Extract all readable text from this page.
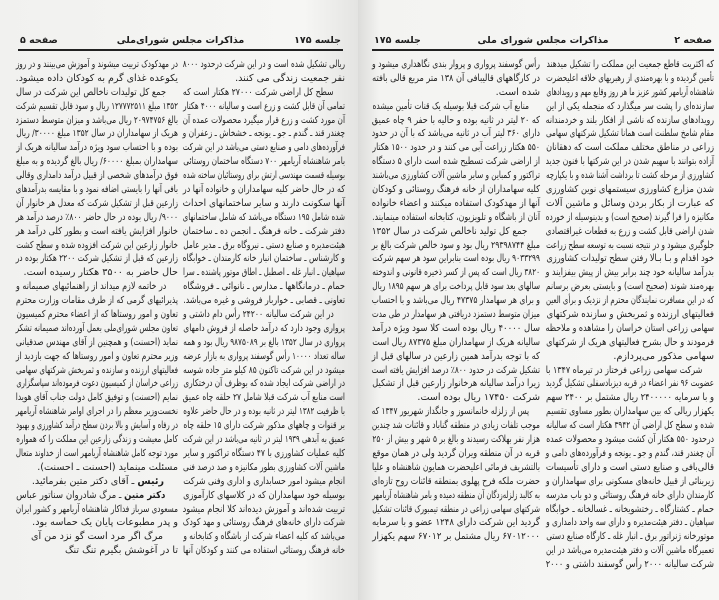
جلسه ۱۷۵
مذاکرات مجلس شورای‌ملی
صفحه ۵
ریالی تشکیل شده است و در این شرکت درحدود ۸۰۰۰
نفر جمعیت زندگی می کنند.
سطح کل اراضی شرکت ۲۷۰۰۰ هکتار است که
تمامی آن قابل کشت و زرع است و سالیانه ۴۰۰۰ هکتار
آن مورد کشت و زرع قرار میگیرد محصولات عمده آن
چغندر قند ـ گندم ـ جو ـ یونجه ـ خشخاش ـ زعفران و
فرآورده‌های دامی و صنایع دستی می‌باشد در این شرکت
بامر شاهنشاه آریامهر ۷۰۰ دستگاه ساختمان روستائی
بوسیله قسمت مهندسی ارتش برای روستائیان ساخته شده
که در حال حاضر کلیه سهامداران و خانواده آنها در
آنها سکونت دارند و سایر ساختمانهای احداث
شده شامل ۱۹۵ دستگاه می‌باشد که شامل ساختمانهای
دفتر شرکت ـ خانه فرهنگ ـ انجمن ده ـ ساختمان
هیئت‌مدیره و صنایع دستی ـ نیروگاه برق ـ مدیر عامل
و کارشناس ـ ساختمان انبار خانه کارمندان ـ خوابگاه
سپاهیان ـ انبار غله ـ اصطبل ـ اطاق موتور پاشنده ـ سرا
حمام ـ درمانگاهها ـ مدارس ـ نانوائی ـ فروشگاه
تعاونی ـ قصابی ـ خواربار فروشی و غیره می‌باشد.
در این شرکت سالیانه ۲۴۲۰۰ رأس دام داشتی و
پرواری وجود دارد که درآمد حاصله از فروش دامهای
پرواری در سال ۱۳۵۲ بالغ بر ۹۸۷۵۰۸۹ ریال بود و همه
ساله تعداد ۱۰۰۰۰ رأس گوسفند پرواری به بازار عرضه
میشود در این شرکت تاکنون ۸۵ کیلو متر جاده شوسه
در اراضی شرکت ایجاد شده که بوظرف آن درختکاری
است منابع آب شرکت قبلا شامل ۲۷ حلقه چاه عمیق
با ظرفیت ۱۳۸۲ لیتر در ثانیه بوده و در حال حاضر علاوه
بر قنوات و چاههای مذکور شرکت دارای ۱۵ حلقه چاه
عمیق به آبدهی ۱۹۳۹ لیتر در ثانیه می‌باشد در این شرکت
کلیه عملیات کشاورزی با ۴۷ دستگاه تراکتور و سایر
ماشین آلات کشاورزی بطور مکانیزه و صد درصد فنی
انجام میشود امور حسابداری و اداری وفنی شرکت
بوسیله خود سهامداران که در کلاسهای کارآموزی
تربیت شده‌اند و آموزش دیده‌اند کلا انجام میشود
شرکت دارای خانه‌های فرهنگ روستائی و مهد کودک
می‌باشد که کلیه اعضاء شرکت از باشگاه و کتابخانه و
خانه فرهنگ روستائی استفاده می کنند و کودکان آنها
در مهدکودک تربیت میشوند و آموزش می‌بینند و در روز
یکوعده غذای گرم به کودکان داده میشود.
جمع کل تولیدات ناخالص این شرکت در سال
۱۳۵۲ مبلغ ۱۲۷۷۷۲۵۱۱ ریال و سود قابل تقسیم شرکت
بالغ ۲۰۹۷۴۷۵۶ ریال می‌باشد و میزان متوسط دستمزد
هریک از سهامداران در سال ۱۳۵۲ مبلغ ۳۰۰۰۰/ ریال
بوده و با احتساب سود ویژه درآمد سالیانه هریک از
سهامداران بمبلغ ۶۰۰۰۰/ ریال بالغ گردیده و به مبلغ
فوق درآمدهای شخصی از قبیل درآمد دامداری وقالی
بافی آنها را بایستی اضافه نمود و با مقایسه بدرآمدهای
زارعین قبل از تشکیل شرکت که معدل هر خانوار آن
۹۰۰۰/ ریال بوده در حال حاضر ۸۰۰٪ درصد درآمد هر
خانوار افزایش یافته است و بطور کلی درآمد هر
خانوار زارعین این شرکت افزوده شده و سطح کشت
زارعین که قبل از تشکیل شرکت ۲۲۰۰ هکتار بوده در
حال حاضر به ۳۵۰۰ هکتار رسیده است.
در خاتمه لازم میداند از راهنمائیهای صمیمانه و
پذیرائیهای گرمی که از طرف مقامات وزارت محترم
تعاون و امور روستاها که از اعضاء محترم کمیسیون
تعاون مجلس شورای‌ملی بعمل آورده‌اند صمیمانه تشکر
نماید (احسنت) و همچنین از آقای مهندس صدقیانی
وزیر محترم تعاون و امور روستاها که جهت بازدید از
فعالیتهای ارزنده و سازنده و ثمربخش شرکتهای سهامی
زراعی خراسان از کمیسیون دعوت فرموده‌اند سپاسگزاری
نمایم (احسنت) و توفیق کامل دولت جناب آقای هویدا
نخست‌وزیر معظم را در اجرای اوامر شاهنشاه آریامهر
در رفاه و آسایش و بالا بردن سطح درآمد کشاورزی و بهبود
کامل معیشت و زندگی زارعین این مملکت را که همواره
مورد توجه کامل شاهنشاه آریامهر است از خداوند متعال
مسئلت مینماید (احسنت ـ احسنت).
رئیس ـ آقای دکتر متین بفرمائید.
دکتر متین ـ مرگ شادروان سناتور عباس
مسعودی سرباز فداکار شاهنشاه آریامهر و کشور ایران
و پدر مطبوعات پایان یک حماسه بود.
مرگ اگر مرد است گو نزد من آی
تا در آغوشش بگیرم تنگ تنگ
صفحه ۲
مذاکرات مجلس شورای ملی
جلسه ۱۷۵
که اکثریت قاطع جمعیت این مملکت را تشکیل میدهند
تأمین گردیده و با بهره‌مندی از رهبریهای خلاقه اعلیحضرت
شاهنشاه آریامهر کشور عزیز ما هر روز وقایع مهم و رویدادهای
سازنده‌ای را پشت سر میگذارد که منجمله یکی از این
رویدادهای سازنده که ناشی از افکار بلند و خردمندانه
مقام شامخ سلطنت است همانا تشکیل شرکتهای سهامی
زراعی در مناطق مختلف مملکت است که دهقانان
آزاده بتوانند با سهیم شدن در این شرکتها با فنون جدید
کشاورزی از مرحله کشت تا برداشت آشنا شده و با یکپارچه
شدن مزارع کشاورزی سیستمهای نوین کشاورزی
که عبارت از بکار بردن وسائل و ماشین آلات
مکانیزه را فرا گیرند (صحیح است) و بدینوسیله از خورده
شدن اراضی قابل کشت و زرع به قطعات غیراقتصادی
جلوگیری میشود و در نتیجه نسبت به توسعه سطح زراعت
خود اقدام و بـا بـالا رفتن سطح تولیدات کشاورزی
بدرآمد سالیانه خود چند برابر بیش از پیش بیفزایند و
بهره‌مند شوند (صحیح است) و بایستی بعرض برسانم
که در این مسافرت نمایندگان محترم از نزدیک و برأی العین
فعالیتهای ارزنده و ثمربخش و سازنده شرکتهای
سهامی زراعی استان خراسان را مشاهده و ملاحظه
فرمودند و حال بشرح فعالیتهای هریک از شرکتهای
سهامی مذکور می‌پردازم.
شرکت سهامی زراعی فرختاز در تیرماه ۱۳۴۷ با
عضویت ۹۶ نفر اعضاء در قریه دیزبادسفلی تشکیل گردید
و با سرمایه ۲۴۰۰۰۰۰ ریال مشتمل بر ۲۴۰۰ سهم
یکهزار ریالی که بین سهامداران بطور مساوی تقسیم
شده و سطح کل اراضی آن ۳۹۴۲ هکتار است که سالیانه
درحدود ۵۵۰ هکتار آن کشت میشود و محصولات عمده
آن چغندر قند، گندم و جو ـ یونجه و فرآورده‌های دامی و
قالی‌بافی و صنایع دستی است و دارای تأسیسات
زیربنائی از قبیل خانه‌های مسکونی برای سهامداران و
کارمندان دارای خانه فرهنگ روستائی و دو باب مدرسه
حمام ـ کشتارگاه ـ رختشویخانه ـ غسالخانه ـ خوابگاه
سپاهیان ـ دفتر هیئت‌مدیره و دارای سه واحد دامداری و
موتورخانه ژنراتور برق ـ انبار غله ـ کارگاه صنایع دستی
تعمیرگاه ماشین آلات و دفتر هیئت‌مدیره می‌باشد در این
شرکت سالیانه ۲۰۰۰ رأس گوسفند داشتی و ۲۰۰۰
رأس گوسفند پرواری و پروار بندی نگاهداری میشود و
در کارگاههای قالیبافی آن ۱۳۸ متر مربع قالی بافته
شده است.
منابع آب شرکت قبلا بوسیله یک قنات تأمین میشده
که ۲۰ لیتر در ثانیه بوده و حالیه با حفر ۹ چاه عمیق
دارای ۳۶۰ لیتر آب در ثانیه می‌باشد که با آن در حدود
۵۵۰ هکتار زراعت آبی می کنند و در حدود ۱۵۰۰ هکتار
از اراضی شرکت تسطیح شده است دارای ۵ دستگاه
تراکتور و کمباین و سایر ماشین آلات کشاورزی می‌باشند
کلیه سهامداران از خانه فرهنگ روستائی و کودکان
آنها از مهدکودک استفاده میکنند و اعضاء خانواده
آنان از باشگاه و تلویزیون، کتابخانه استفاده مینمایند.
جمع کل تولید ناخالص شرکت در سال ۱۳۵۲
مبلغ ۲۹۳۹۸۷۴۴ ریال بود و سود خالص شرکت بالغ بر
۹۰۳۳۲۹۹ ریال بوده است بنابراین سود هر سهم شرکت
۳۸۲۰ ریال است که پس از کسر ذخیره قانونی و اندوخته
سالهای بعد سود قابل پرداخت برای هر سهم ۱۸۹۵ ریال
و برای هر سهامدار ۴۷۳۷۵ ریال می‌باشد و با احتساب
میزان متوسط دستمزد دریافتی هر سهامدار در طی مدت
سال ۴۰۰۰۰ ریال بوده است کلا سود ویژه درآمد
سالیانه هریک از سهامداران مبلغ ۸۷۳۷۵ ریال است
که با توجه بدرآمد همین زارعین در سالهای قبل از
تشکیل شرکت در حدود ۸۰۰٪ درصد افزایش یافته است
زیرا درآمد سالیانه هرخانوار زارعین قبل از تشکیل
شرکت ۱۷۴۵۰ ریال بوده است.
پس از زلزله خانمانسوز و جانگداز شهریور ۱۳۴۷ که
موجب تلفات زیادی در منطقه گناباد و قائنات شد چندین
هزار نفر بهلاکت رسیدند و بالغ بر ۵ شهر و بیش از ۲۵۰
قریه در آن منطقه ویران گردید ولی در همان موقع
بالتشریف فرمائی اعلیحضرت همایون شاهنشاه و علیا
حضرت ملکه فرح پهلوی بمنطقه قائنات روح تازه‌ای
به کالبد زلزله‌زدگان آن منطقه دمیده و بامر شاهنشاه آریامهر
شرکتهای سهامی زراعی در منطقه تیمبورک قائنات تشکیل
گردید این شرکت دارای ۱۲۴۸ عضو و با سرمایه
۶۷۰۱۲۰۰۰ ریال مشتمل بر ۶۷۰۱۲ سهم یکهزار
